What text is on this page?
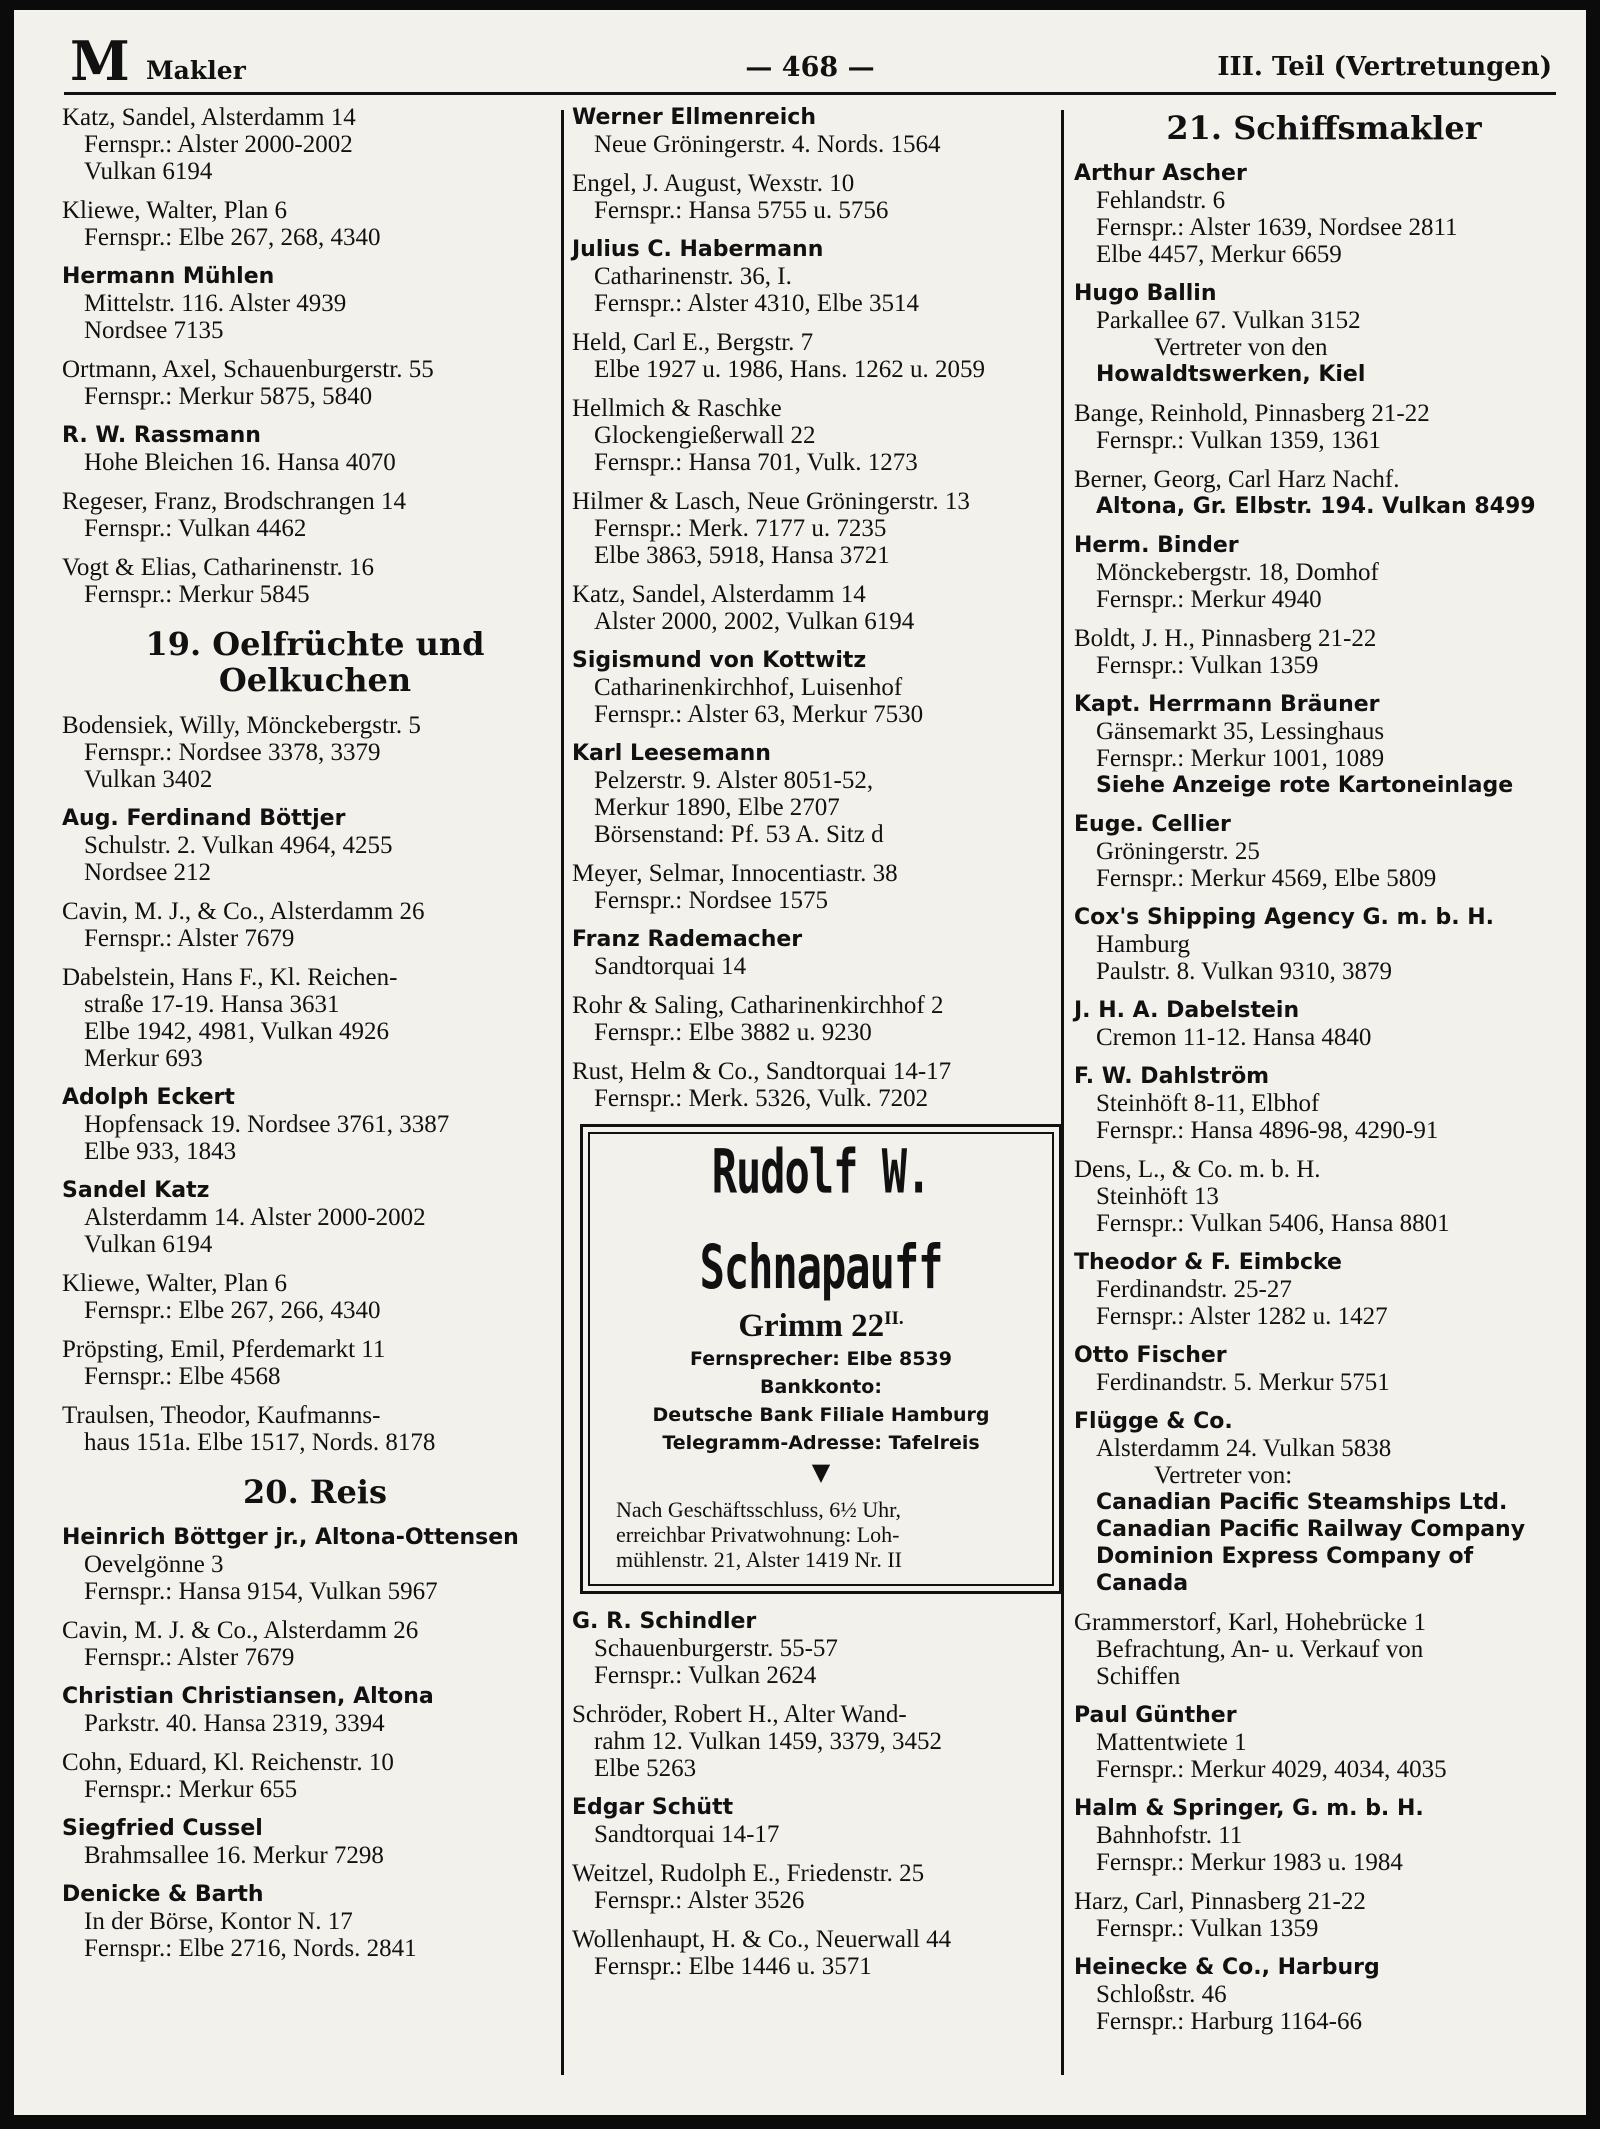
M Makler	— 468 —	III. Teil (Vertretungen)
Katz, Sandel, Alsterdamm 14
Fernspr.: Alster 2000-2002
Vulkan 6194
Kliewe, Walter, Plan 6
Fernspr.: Elbe 267, 268, 4340
Hermann Mühlen
Mittelstr. 116. Alster 4939
Nordsee 7135
Ortmann, Axel, Schauenburgerstr. 55
Fernspr.: Merkur 5875, 5840
R. W. Rassmann
Hohe Bleichen 16. Hansa 4070
Regeser, Franz, Brodschrangen 14
Fernspr.: Vulkan 4462
Vogt & Elias, Catharinenstr. 16
Fernspr.: Merkur 5845
19. Oelfrüchte und
Oelkuchen
Bodensiek, Willy, Mönckebergstr. 5
Fernspr.: Nordsee 3378, 3379
Vulkan 3402
Aug. Ferdinand Böttjer
Schulstr. 2. Vulkan 4964, 4255
Nordsee 212
Cavin, M. J., & Co., Alsterdamm 26
Fernspr.: Alster 7679
Dabelstein, Hans F., Kl. Reichen-
straße 17-19. Hansa 3631
Elbe 1942, 4981, Vulkan 4926
Merkur 693
Adolph Eckert
Hopfensack 19. Nordsee 3761, 3387
Elbe 933, 1843
Sandel Katz
Alsterdamm 14. Alster 2000-2002
Vulkan 6194
Kliewe, Walter, Plan 6
Fernspr.: Elbe 267, 266, 4340
Pröpsting, Emil, Pferdemarkt 11
Fernspr.: Elbe 4568
Traulsen, Theodor, Kaufmanns-
haus 151a. Elbe 1517, Nords. 8178
20. Reis
Heinrich Böttger jr., Altona-Ottensen
Oevelgönne 3
Fernspr.: Hansa 9154, Vulkan 5967
Cavin, M. J. & Co., Alsterdamm 26
Fernspr.: Alster 7679
Christian Christiansen, Altona
Parkstr. 40. Hansa 2319, 3394
Cohn, Eduard, Kl. Reichenstr. 10
Fernspr.: Merkur 655
Siegfried Cussel
Brahmsallee 16. Merkur 7298
Denicke & Barth
In der Börse, Kontor N. 17
Fernspr.: Elbe 2716, Nords. 2841
Werner Ellmenreich
Neue Gröningerstr. 4. Nords. 1564
Engel, J. August, Wexstr. 10
Fernspr.: Hansa 5755 u. 5756
Julius C. Habermann
Catharinenstr. 36, I.
Fernspr.: Alster 4310, Elbe 3514
Held, Carl E., Bergstr. 7
Elbe 1927 u. 1986, Hans. 1262 u. 2059
Hellmich & Raschke
Glockengießerwall 22
Fernspr.: Hansa 701, Vulk. 1273
Hilmer & Lasch, Neue Gröningerstr. 13
Fernspr.: Merk. 7177 u. 7235
Elbe 3863, 5918, Hansa 3721
Katz, Sandel, Alsterdamm 14
Alster 2000, 2002, Vulkan 6194
Sigismund von Kottwitz
Catharinenkirchhof, Luisenhof
Fernspr.: Alster 63, Merkur 7530
Karl Leesemann
Pelzerstr. 9. Alster 8051-52,
Merkur 1890, Elbe 2707
Börsenstand: Pf. 53 A. Sitz d
Meyer, Selmar, Innocentiastr. 38
Fernspr.: Nordsee 1575
Franz Rademacher
Sandtorquai 14
Rohr & Saling, Catharinenkirchhof 2
Fernspr.: Elbe 3882 u. 9230
Rust, Helm & Co., Sandtorquai 14-17
Fernspr.: Merk. 5326, Vulk. 7202
Rudolf W. Schnapauff
Grimm $22^{II.}$
Fernsprecher: Elbe 8539
Bankkonto:
Deutsche Bank Filiale Hamburg
Telegramm-Adresse: Tafelreis
▼
Nach Geschäftsschluss, 6½ Uhr,
erreichbar Privatwohnung: Loh-
mühlenstr. 21, Alster 1419 Nr. II
G. R. Schindler
Schauenburgerstr. 55-57
Fernspr.: Vulkan 2624
Schröder, Robert H., Alter Wand-
rahm 12. Vulkan 1459, 3379, 3452
Elbe 5263
Edgar Schütt
Sandtorquai 14-17
Weitzel, Rudolph E., Friedenstr. 25
Fernspr.: Alster 3526
Wollenhaupt, H. & Co., Neuerwall 44
Fernspr.: Elbe 1446 u. 3571
21. Schiffsmakler
Arthur Ascher
Fehlandstr. 6
Fernspr.: Alster 1639, Nordsee 2811
Elbe 4457, Merkur 6659
Hugo Ballin
Parkallee 67. Vulkan 3152
Vertreter von den
Howaldtswerken, Kiel
Bange, Reinhold, Pinnasberg 21-22
Fernspr.: Vulkan 1359, 1361
Berner, Georg, Carl Harz Nachf.
Altona, Gr. Elbstr. 194. Vulkan 8499
Herm. Binder
Mönckebergstr. 18, Domhof
Fernspr.: Merkur 4940
Boldt, J. H., Pinnasberg 21-22
Fernspr.: Vulkan 1359
Kapt. Herrmann Bräuner
Gänsemarkt 35, Lessinghaus
Fernspr.: Merkur 1001, 1089
Siehe Anzeige rote Kartoneinlage
Euge. Cellier
Gröningerstr. 25
Fernspr.: Merkur 4569, Elbe 5809
Cox's Shipping Agency G. m. b. H.
Hamburg
Paulstr. 8. Vulkan 9310, 3879
J. H. A. Dabelstein
Cremon 11-12. Hansa 4840
F. W. Dahlström
Steinhöft 8-11, Elbhof
Fernspr.: Hansa 4896-98, 4290-91
Dens, L., & Co. m. b. H.
Steinhöft 13
Fernspr.: Vulkan 5406, Hansa 8801
Theodor & F. Eimbcke
Ferdinandstr. 25-27
Fernspr.: Alster 1282 u. 1427
Otto Fischer
Ferdinandstr. 5. Merkur 5751
Flügge & Co.
Alsterdamm 24. Vulkan 5838
Vertreter von:
Canadian Pacific Steamships Ltd.
Canadian Pacific Railway Company
Dominion Express Company of
Canada
Grammerstorf, Karl, Hohebrücke 1
Befrachtung, An- u. Verkauf von
Schiffen
Paul Günther
Mattentwiete 1
Fernspr.: Merkur 4029, 4034, 4035
Halm & Springer, G. m. b. H.
Bahnhofstr. 11
Fernspr.: Merkur 1983 u. 1984
Harz, Carl, Pinnasberg 21-22
Fernspr.: Vulkan 1359
Heinecke & Co., Harburg
Schloßstr. 46
Fernspr.: Harburg 1164-66
